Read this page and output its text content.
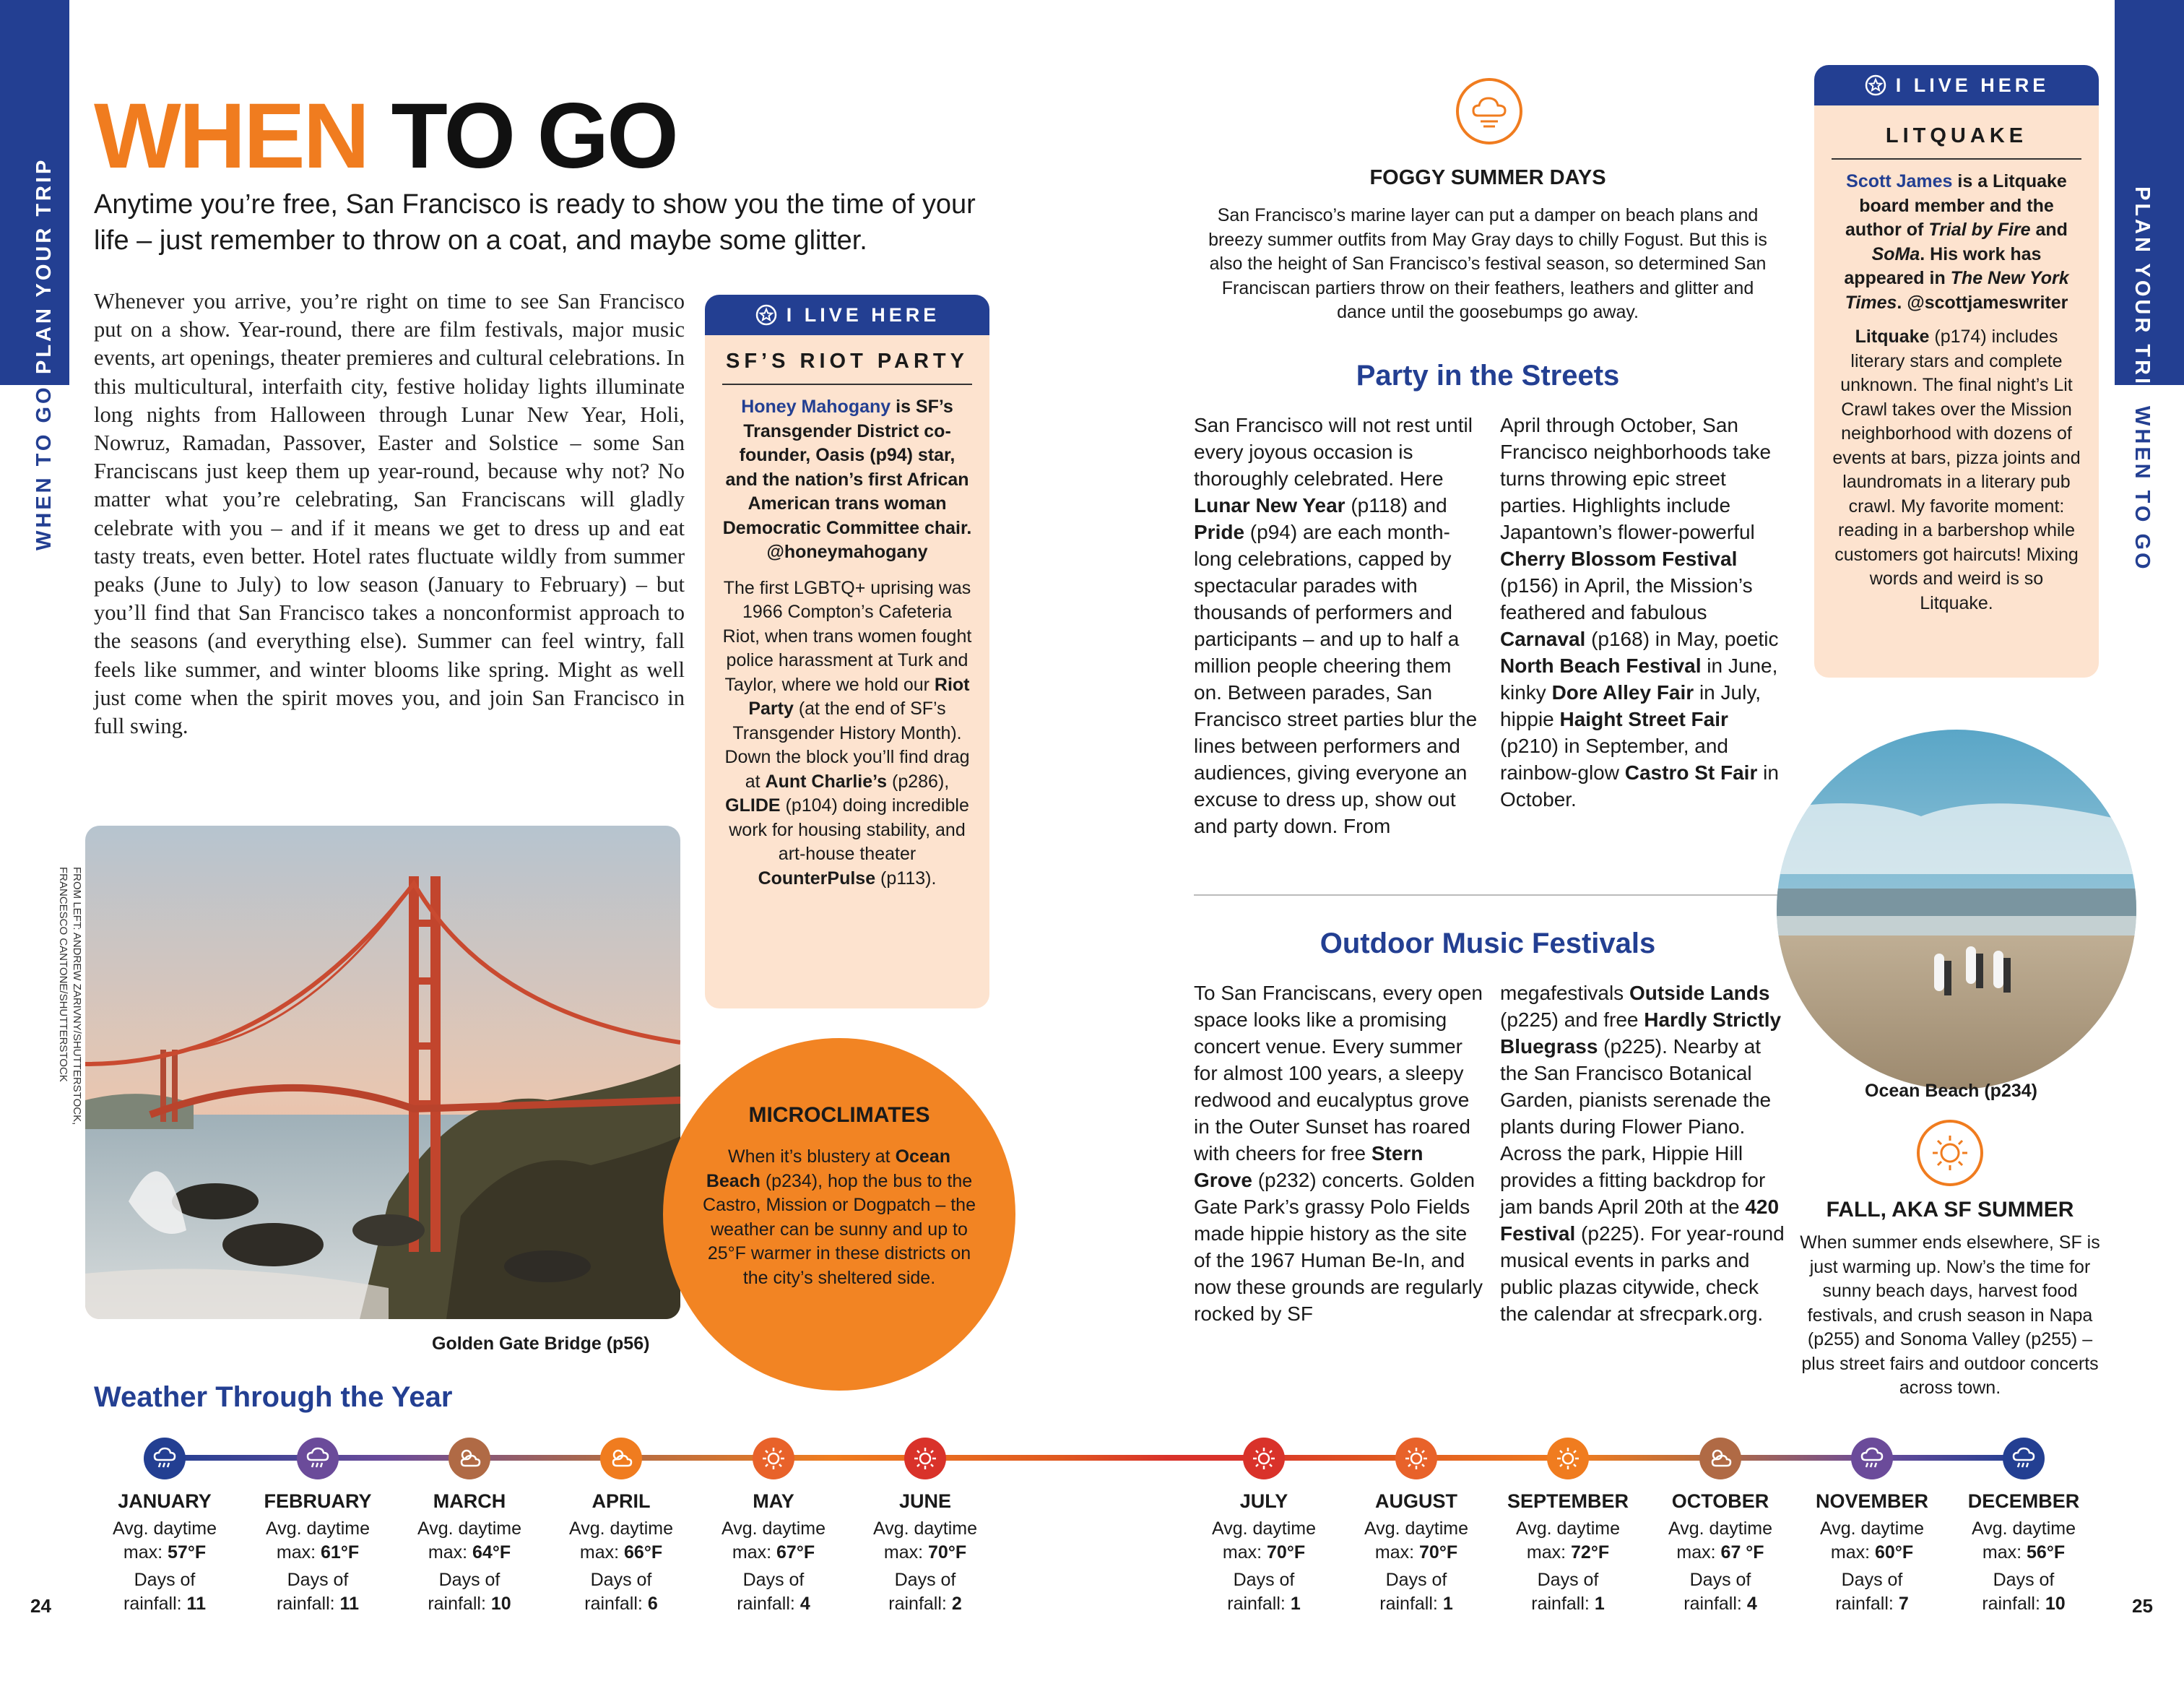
PLAN YOUR TRIP
WHEN TO GO
PLAN YOUR TRIP
WHEN TO GO
24	25
WHEN TO GO
Anytime you’re free, San Francisco is ready to show you the time of your life – just remember to throw on a coat, and maybe some glitter.
Whenever you arrive, you’re right on time to see San Francisco put on a show. Year-round, there are film festivals, major music events, art openings, theater premieres and cultural celebrations. In this multicultural, interfaith city, festive holiday lights illuminate long nights from Halloween through Lunar New Year, Holi, Nowruz, Ramadan, Passover, Easter and Solstice – some San Franciscans just keep them up year-round, because why not? No matter what you’re celebrating, San Franciscans will gladly celebrate with you – and if it means we get to dress up and eat tasty treats, even better. Hotel rates fluctuate wildly from summer peaks (June to July) to low season (January to February) – but you’ll find that San Francisco takes a nonconformist approach to the seasons (and everything else). Summer can feel wintry, fall feels like summer, and winter blooms like spring. Might as well just come when the spirit moves you, and join San Francisco in full swing.
Golden Gate Bridge (p56)
FROM LEFT: ANDREW ZARIVNY/SHUTTERSTOCK,
FRANCESCO CANTONE/SHUTTERSTOCK
I LIVE HERE
SF’S RIOT PARTY
Honey Mahogany is SF’s Transgender District co-founder, Oasis (p94) star, and the nation’s first African American trans woman Democratic Committee chair. @honeymahogany
The first LGBTQ+ uprising was 1966 Compton’s Cafeteria Riot, when trans women fought police harassment at Turk and Taylor, where we hold our Riot Party (at the end of SF’s Transgender History Month). Down the block you’ll find drag at Aunt Charlie’s (p286), GLIDE (p104) doing incredible work for housing stability, and art-house theater CounterPulse (p113).
MICROCLIMATES
When it’s blustery at Ocean Beach (p234), hop the bus to the Castro, Mission or Dogpatch – the weather can be sunny and up to 25°F warmer in these districts on the city’s sheltered side.
FOGGY SUMMER DAYS
San Francisco’s marine layer can put a damper on beach plans and breezy summer outfits from May Gray days to chilly Fogust. But this is also the height of San Francisco’s festival season, so determined San Franciscan partiers throw on their feathers, leathers and glitter and dance until the goosebumps go away.
Party in the Streets
San Francisco will not rest until every joyous occasion is thoroughly celebrated. Here Lunar New Year (p118) and Pride (p94) are each month-long celebrations, capped by spectacular parades with thousands of performers and participants – and up to half a million people cheering them on. Between parades, San Francisco street parties blur the lines between performers and audiences, giving everyone an excuse to dress up, show out and party down. From
April through October, San Francisco neighborhoods take turns throwing epic street parties. Highlights include Japantown’s flower-powerful Cherry Blossom Festival (p156) in April, the Mission’s feathered and fabulous Carnaval (p168) in May, poetic North Beach Festival in June, kinky Dore Alley Fair in July, hippie Haight Street Fair (p210) in September, and rainbow-glow Castro St Fair in October.
Outdoor Music Festivals
To San Franciscans, every open space looks like a promising concert venue. Every summer for almost 100 years, a sleepy redwood and eucalyptus grove in the Outer Sunset has roared with cheers for free Stern Grove (p232) concerts. Golden Gate Park’s grassy Polo Fields made hippie history as the site of the 1967 Human Be-In, and now these grounds are regularly rocked by SF
megafestivals Outside Lands (p225) and free Hardly Strictly Bluegrass (p225). Nearby at the San Francisco Botanical Garden, pianists serenade the plants during Flower Piano. Across the park, Hippie Hill provides a fitting backdrop for jam bands April 20th at the 420 Festival (p225). For year-round musical events in parks and public plazas citywide, check the calendar at sfrecpark.org.
I LIVE HERE
LITQUAKE
Scott James is a Litquake board member and the author of Trial by Fire and SoMa. His work has appeared in The New York Times. @scottjameswriter
Litquake (p174) includes literary stars and complete unknown. The final night’s Lit Crawl takes over the Mission neighborhood with dozens of events at bars, pizza joints and laundromats in a literary pub crawl. My favorite moment: reading in a barbershop while customers got haircuts! Mixing words and weird is so Litquake.
Ocean Beach (p234)
FALL, AKA SF SUMMER
When summer ends elsewhere, SF is just warming up. Now’s the time for sunny beach days, harvest food festivals, and crush season in Napa (p255) and Sonoma Valley (p255) – plus street fairs and outdoor concerts across town.
Weather Through the Year
JANUARY
Avg. daytime
max: 57°F
Days of
rainfall: 11
FEBRUARY
Avg. daytime
max: 61°F
Days of
rainfall: 11
MARCH
Avg. daytime
max: 64°F
Days of
rainfall: 10
APRIL
Avg. daytime
max: 66°F
Days of
rainfall: 6
MAY
Avg. daytime
max: 67°F
Days of
rainfall: 4
JUNE
Avg. daytime
max: 70°F
Days of
rainfall: 2
JULY
Avg. daytime
max: 70°F
Days of
rainfall: 1
AUGUST
Avg. daytime
max: 70°F
Days of
rainfall: 1
SEPTEMBER
Avg. daytime
max: 72°F
Days of
rainfall: 1
OCTOBER
Avg. daytime
max: 67 °F
Days of
rainfall: 4
NOVEMBER
Avg. daytime
max: 60°F
Days of
rainfall: 7
DECEMBER
Avg. daytime
max: 56°F
Days of
rainfall: 10
